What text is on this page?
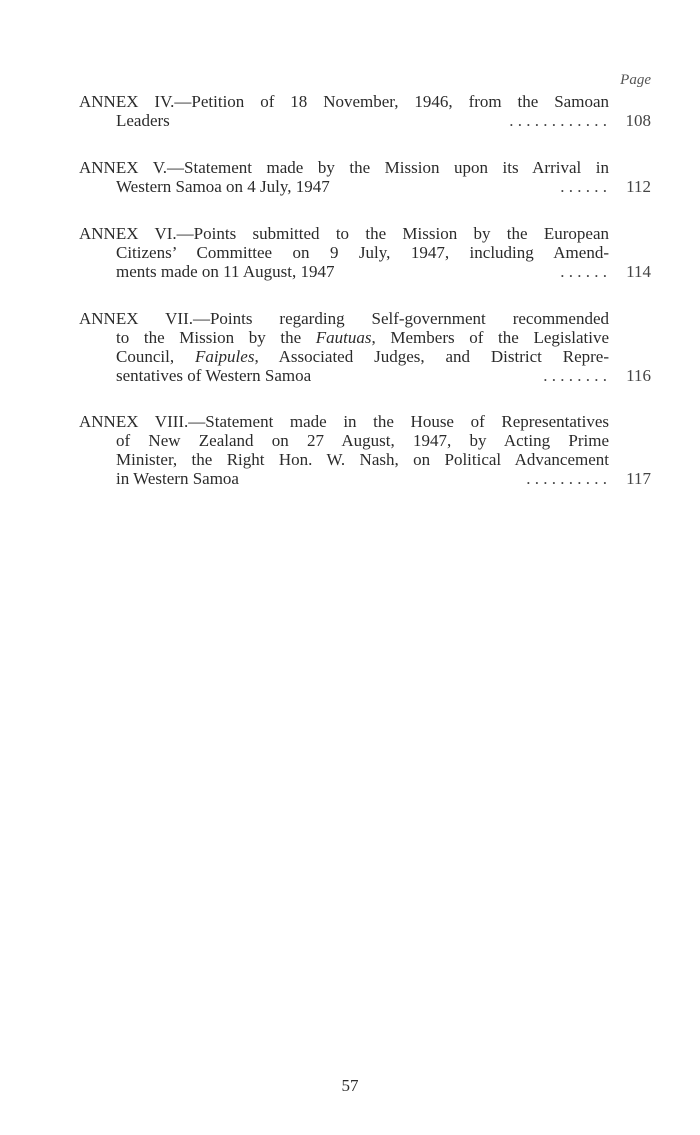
Page
ANNEX IV.—Petition of 18 November, 1946, from the Samoan
Leaders	. . . . . . . . . . . .	108
ANNEX V.—Statement made by the Mission upon its Arrival in
Western Samoa on 4 July, 1947	. . . . . .	112
ANNEX VI.—Points submitted to the Mission by the European
Citizens’ Committee on 9 July, 1947, including Amend-
ments made on 11 August, 1947	. . . . . .	114
ANNEX VII.—Points regarding Self-government recommended
to the Mission by the Fautuas, Members of the Legislative
Council, Faipules, Associated Judges, and District Repre-
sentatives of Western Samoa	. . . . . . . .	116
ANNEX VIII.—Statement made in the House of Representatives
of New Zealand on 27 August, 1947, by Acting Prime
Minister, the Right Hon. W. Nash, on Political Advancement
in Western Samoa	. . . . . . . . . .	117
57
